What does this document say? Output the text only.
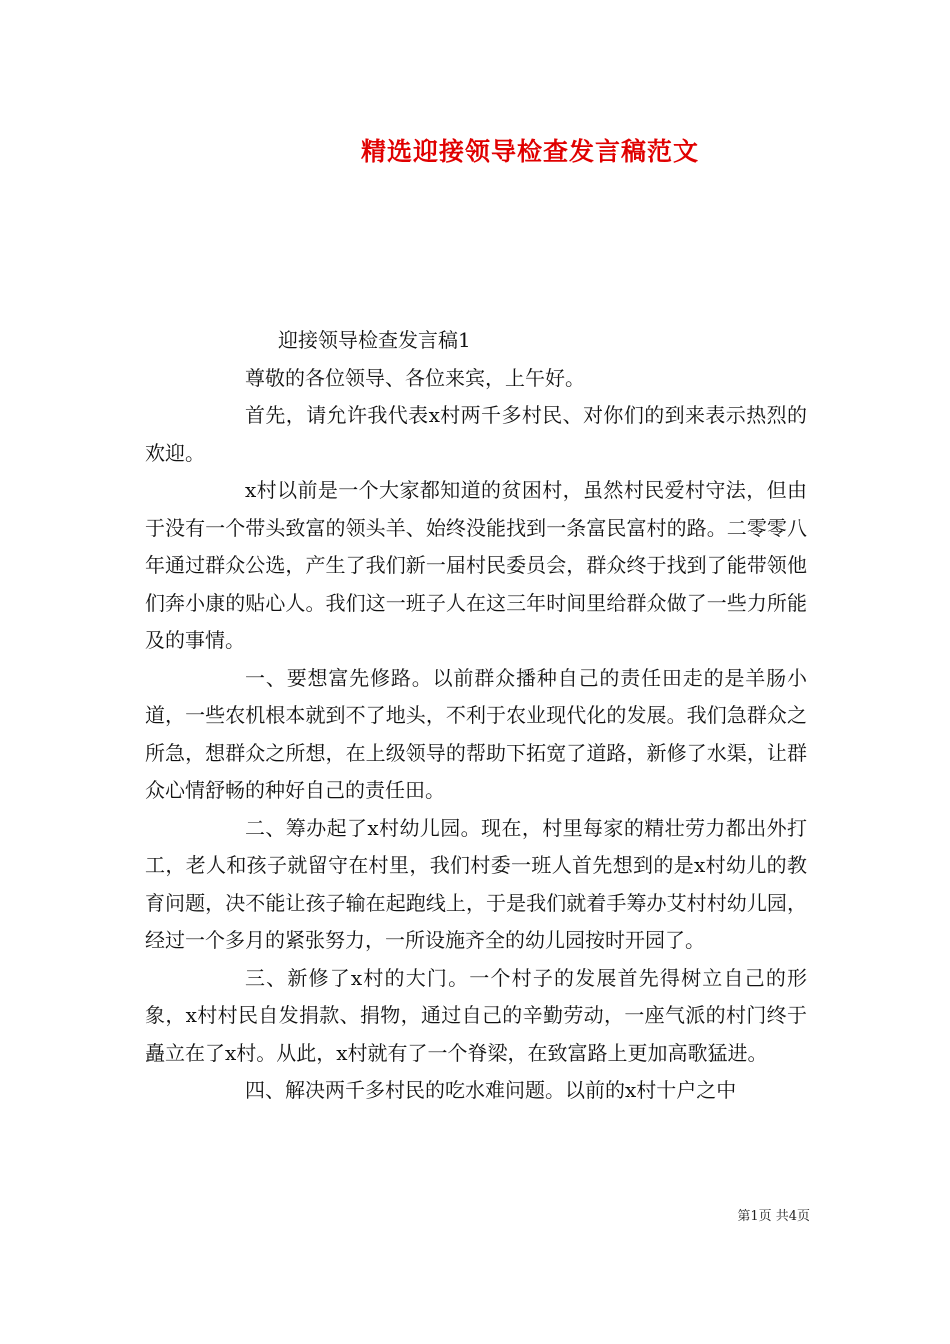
精选迎接领导检查发言稿范文

迎接领导检查发言稿1

尊敬的各位领导、各位来宾，上午好。

首先，请允许我代表x村两千多村民、对你们的到来表示热烈的欢迎。

x村以前是一个大家都知道的贫困村，虽然村民爱村守法，但由于没有一个带头致富的领头羊、始终没能找到一条富民富村的路。二零零八年通过群众公选，产生了我们新一届村民委员会，群众终于找到了能带领他们奔小康的贴心人。我们这一班子人在这三年时间里给群众做了一些力所能及的事情。

一、要想富先修路。以前群众播种自己的责任田走的是羊肠小道，一些农机根本就到不了地头，不利于农业现代化的发展。我们急群众之所急，想群众之所想，在上级领导的帮助下拓宽了道路，新修了水渠，让群众心情舒畅的种好自己的责任田。

二、筹办起了x村幼儿园。现在，村里每家的精壮劳力都出外打工，老人和孩子就留守在村里，我们村委一班人首先想到的是x村幼儿的教育问题，决不能让孩子输在起跑线上，于是我们就着手筹办艾村村幼儿园，经过一个多月的紧张努力，一所设施齐全的幼儿园按时开园了。

三、新修了x村的大门。一个村子的发展首先得树立自己的形象，x村村民自发捐款、捐物，通过自己的辛勤劳动，一座气派的村门终于矗立在了x村。从此，x村就有了一个脊梁，在致富路上更加高歌猛进。

四、解决两千多村民的吃水难问题。以前的x村十户之中

第1页 共4页
